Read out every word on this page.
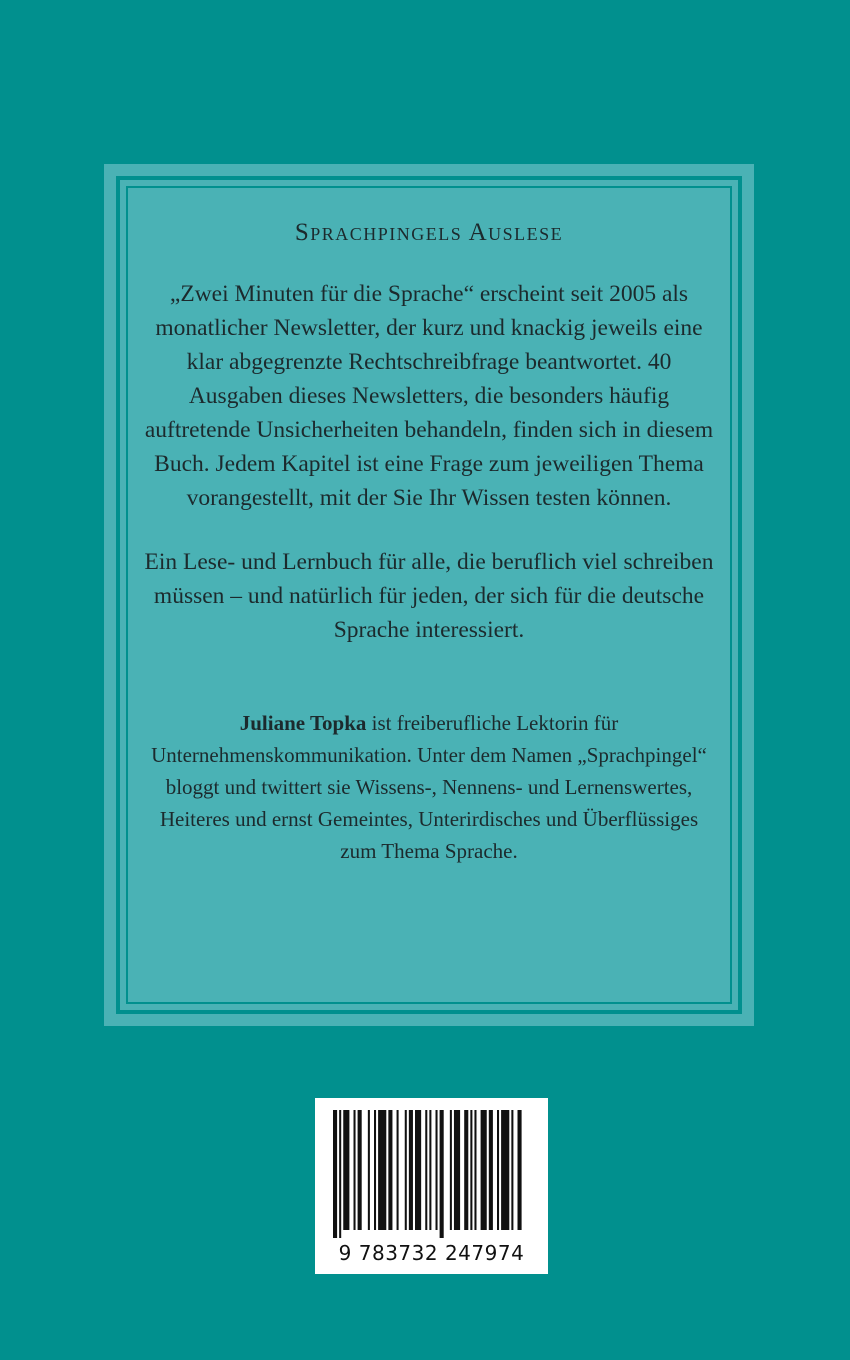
Sprachpingels Auslese

„Zwei Minuten für die Sprache“ erscheint seit 2005 als monatlicher Newsletter, der kurz und knackig jeweils eine klar abgegrenzte Rechtschreibfrage beantwortet. 40 Ausgaben dieses Newsletters, die besonders häufig auftretende Unsicherheiten behandeln, finden sich in diesem Buch. Jedem Kapitel ist eine Frage zum jeweiligen Thema vorangestellt, mit der Sie Ihr Wissen testen können.

Ein Lese- und Lernbuch für alle, die beruflich viel schreiben müssen – und natürlich für jeden, der sich für die deutsche Sprache interessiert.

Juliane Topka ist freiberufliche Lektorin für Unternehmenskommunikation. Unter dem Namen „Sprachpingel“ bloggt und twittert sie Wissens-, Nennens- und Lernenswertes, Heiteres und ernst Gemeintes, Unterirdisches und Überflüssiges zum Thema Sprache.

9 783732 247974
